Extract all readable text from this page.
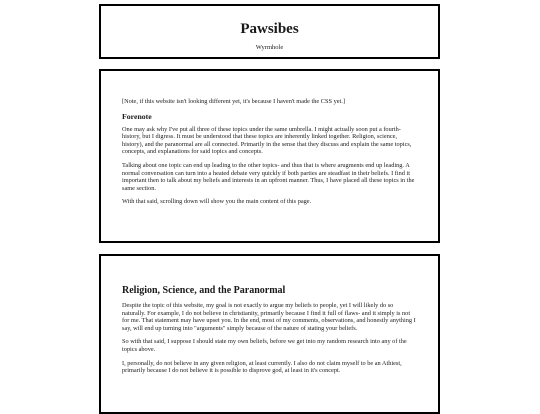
Pawsibes
Wyrmhole

[Note, if this website isn't looking different yet, it's because I haven't made the CSS yet.]

Forenote

One may ask why I've put all three of these topics under the same umbrella. I might actually soon put a fourth- history, but I digress. It must be understood that these topics are inherently linked together. Religion, science, history), and the paranormal are all connected. Primarily in the sense that they discuss and explain the same topics, concepts, and explanations for said topics and concepts.

Talking about one topic can end up leading to the other topics- and thus that is where arugments end up leading. A normal conversation can turn into a heated debate very quickly if both parties are steadfast in their beliefs. I find it important then to talk about my beliefs and interests in an upfront manner. Thus, I have placed all these topics in the same section.

With that said, scrolling down will show you the main content of this page.

Religion, Science, and the Paranormal

Despite the topic of this website, my goal is not exactly to argue my beliefs to people, yet I will likely do so naturally. For example, I do not believe in christianity, primarily because I find it full of flaws- and it simply is not for me. That statement may have upset you. In the end, most of my comments, observations, and honestly anything I say, will end up turning into "arguments" simply because of the nature of stating your beliefs.

So with that said, I suppose I should state my own beliefs, before we get into my random research into any of the topics above.

I, personally, do not believe in any given religion, at least currently. I also do not claim myself to be an Athiest, primarily because I do not believe it is possible to disprove god, at least in it's concept.
